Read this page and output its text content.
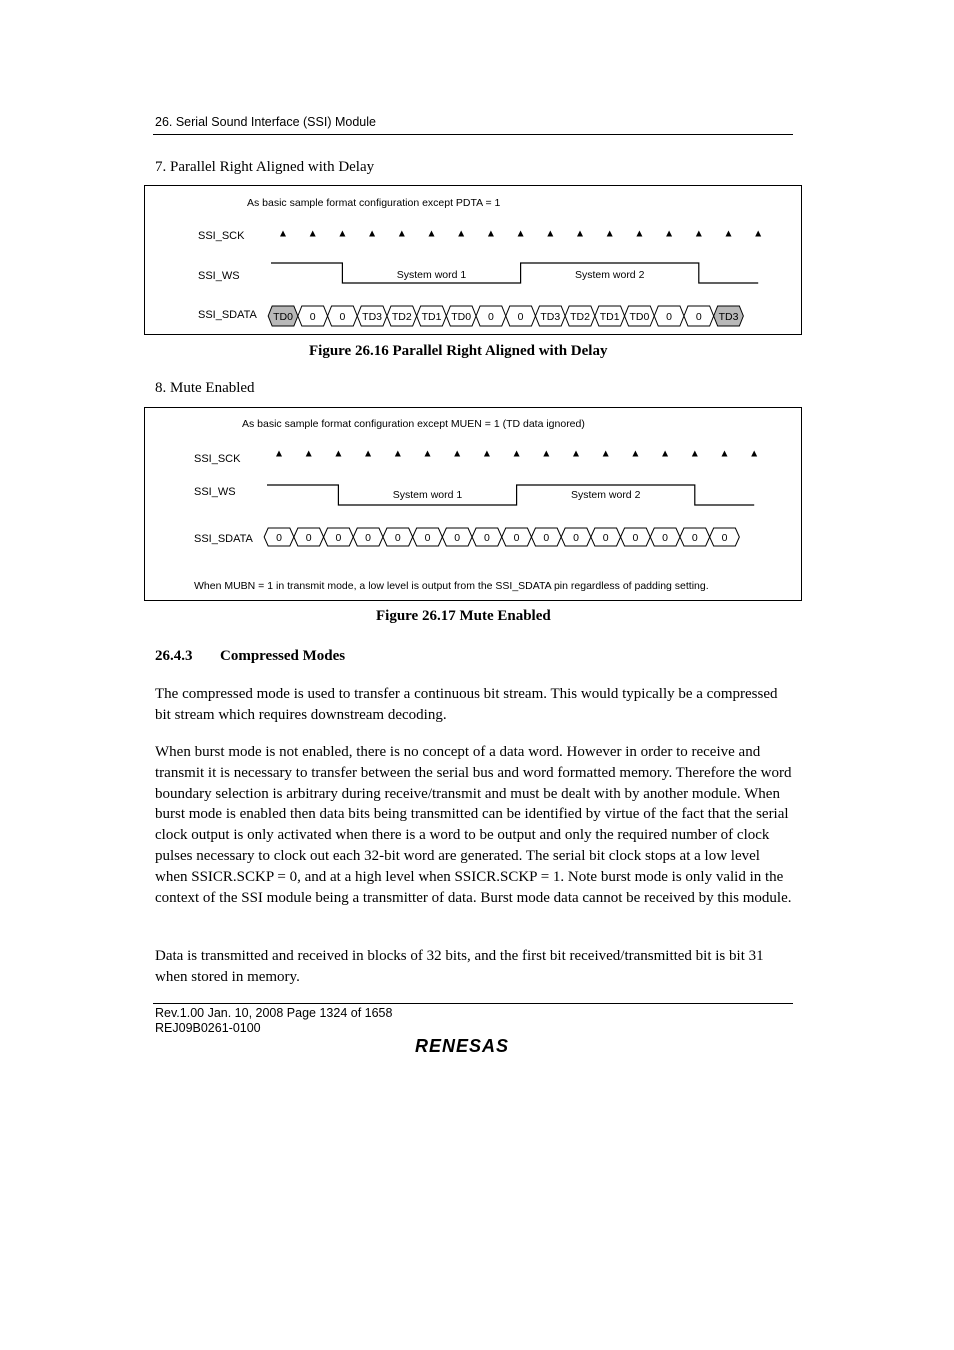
26. Serial Sound Interface (SSI) Module
7. Parallel Right Aligned with Delay
As basic sample format configuration except PDTA = 1
SSI_SCK
SSI_WS
SSI_SDATA
System word 1	System word 2
TD0 0 0 TD3 TD2 TD1 TD0 0 0 TD3 TD2 TD1 TD0 0 0 TD3
Figure 26.16 Parallel Right Aligned with Delay
8. Mute Enabled
As basic sample format configuration except MUEN = 1 (TD data ignored)
SSI_SCK
SSI_WS
SSI_SDATA
System word 1	System word 2
0 0 0 0 0 0 0 0 0 0 0 0 0 0 0 0
When MUBN = 1 in transmit mode, a low level is output from the SSI_SDATA pin regardless of padding setting.
Figure 26.17 Mute Enabled
26.4.3 Compressed Modes
The compressed mode is used to transfer a continuous bit stream. This would typically be a compressed bit stream which requires downstream decoding.
When burst mode is not enabled, there is no concept of a data word. However in order to receive and transmit it is necessary to transfer between the serial bus and word formatted memory. Therefore the word boundary selection is arbitrary during receive/transmit and must be dealt with by another module. When burst mode is enabled then data bits being transmitted can be identified by virtue of the fact that the serial clock output is only activated when there is a word to be output and only the required number of clock pulses necessary to clock out each 32-bit word are generated. The serial bit clock stops at a low level when SSICR.SCKP = 0, and at a high level when SSICR.SCKP = 1. Note burst mode is only valid in the context of the SSI module being a transmitter of data. Burst mode data cannot be received by this module.
Data is transmitted and received in blocks of 32 bits, and the first bit received/transmitted bit is bit 31 when stored in memory.
Rev.1.00 Jan. 10, 2008 Page 1324 of 1658
REJ09B0261-0100
RENESAS
